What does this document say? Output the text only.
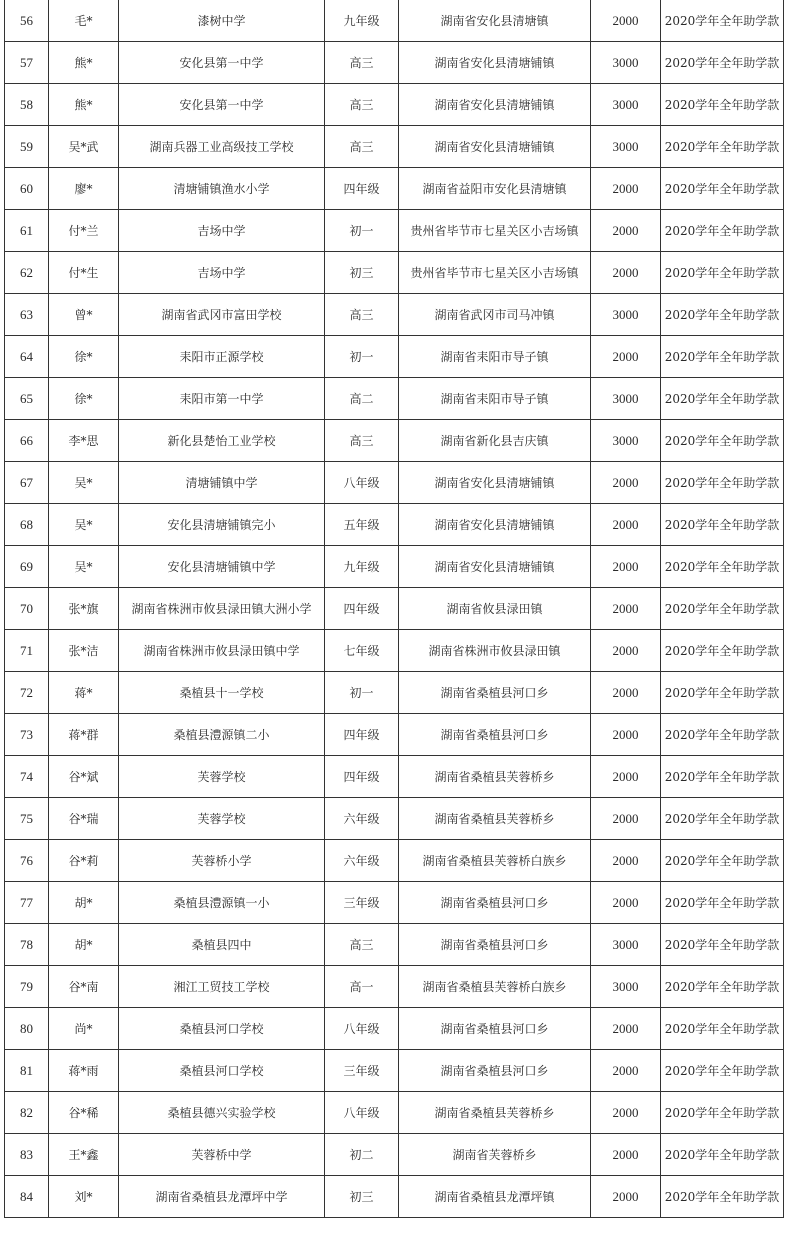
56	毛*	漆树中学	九年级	湖南省安化县清塘镇	2000	2020学年全年助学款
57	熊*	安化县第一中学	高三	湖南省安化县清塘铺镇	3000	2020学年全年助学款
58	熊*	安化县第一中学	高三	湖南省安化县清塘铺镇	3000	2020学年全年助学款
59	吴*武	湖南兵器工业高级技工学校	高三	湖南省安化县清塘铺镇	3000	2020学年全年助学款
60	廖*	清塘铺镇渔水小学	四年级	湖南省益阳市安化县清塘镇	2000	2020学年全年助学款
61	付*兰	吉场中学	初一	贵州省毕节市七星关区小吉场镇	2000	2020学年全年助学款
62	付*生	吉场中学	初三	贵州省毕节市七星关区小吉场镇	2000	2020学年全年助学款
63	曾*	湖南省武冈市富田学校	高三	湖南省武冈市司马冲镇	3000	2020学年全年助学款
64	徐*	耒阳市正源学校	初一	湖南省耒阳市导子镇	2000	2020学年全年助学款
65	徐*	耒阳市第一中学	高二	湖南省耒阳市导子镇	3000	2020学年全年助学款
66	李*思	新化县楚怡工业学校	高三	湖南省新化县吉庆镇	3000	2020学年全年助学款
67	吴*	清塘铺镇中学	八年级	湖南省安化县清塘铺镇	2000	2020学年全年助学款
68	吴*	安化县清塘铺镇完小	五年级	湖南省安化县清塘铺镇	2000	2020学年全年助学款
69	吴*	安化县清塘铺镇中学	九年级	湖南省安化县清塘铺镇	2000	2020学年全年助学款
70	张*旗	湖南省株洲市攸县渌田镇大洲小学	四年级	湖南省攸县渌田镇	2000	2020学年全年助学款
71	张*洁	湖南省株洲市攸县渌田镇中学	七年级	湖南省株洲市攸县渌田镇	2000	2020学年全年助学款
72	蒋*	桑植县十一学校	初一	湖南省桑植县河口乡	2000	2020学年全年助学款
73	蒋*群	桑植县澧源镇二小	四年级	湖南省桑植县河口乡	2000	2020学年全年助学款
74	谷*斌	芙蓉学校	四年级	湖南省桑植县芙蓉桥乡	2000	2020学年全年助学款
75	谷*瑞	芙蓉学校	六年级	湖南省桑植县芙蓉桥乡	2000	2020学年全年助学款
76	谷*莉	芙蓉桥小学	六年级	湖南省桑植县芙蓉桥白族乡	2000	2020学年全年助学款
77	胡*	桑植县澧源镇一小	三年级	湖南省桑植县河口乡	2000	2020学年全年助学款
78	胡*	桑植县四中	高三	湖南省桑植县河口乡	3000	2020学年全年助学款
79	谷*南	湘江工贸技工学校	高一	湖南省桑植县芙蓉桥白族乡	3000	2020学年全年助学款
80	尚*	桑植县河口学校	八年级	湖南省桑植县河口乡	2000	2020学年全年助学款
81	蒋*雨	桑植县河口学校	三年级	湖南省桑植县河口乡	2000	2020学年全年助学款
82	谷*稀	桑植县德兴实验学校	八年级	湖南省桑植县芙蓉桥乡	2000	2020学年全年助学款
83	王*鑫	芙蓉桥中学	初二	湖南省芙蓉桥乡	2000	2020学年全年助学款
84	刘*	湖南省桑植县龙潭坪中学	初三	湖南省桑植县龙潭坪镇	2000	2020学年全年助学款
